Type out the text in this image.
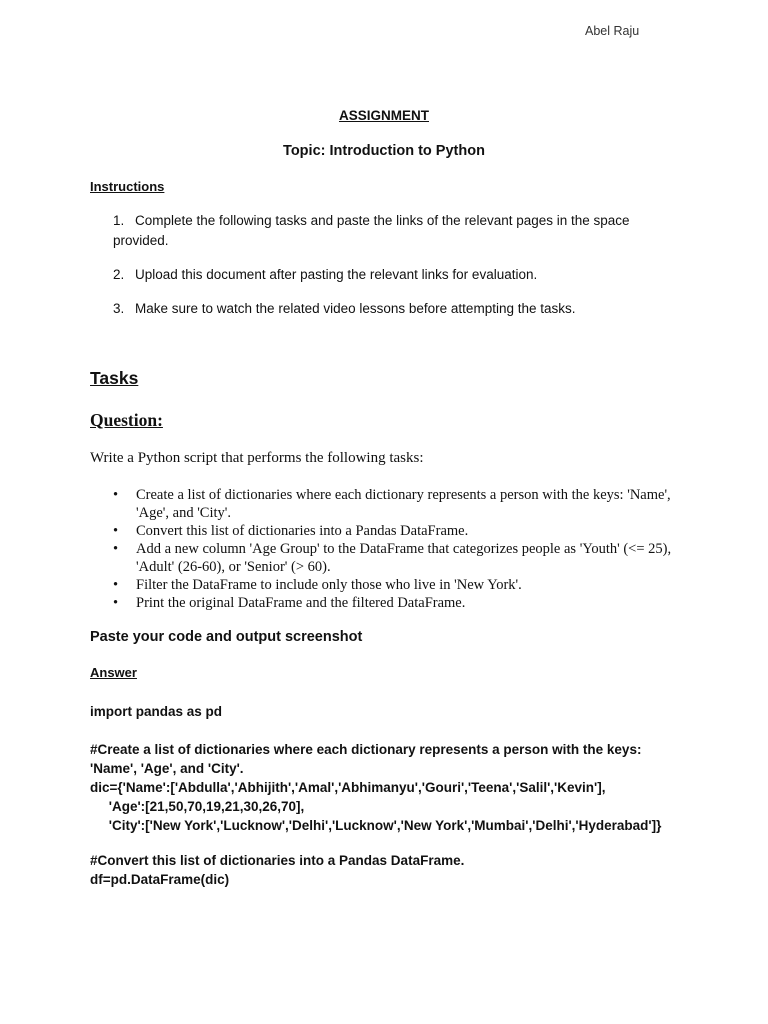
Abel Raju
ASSIGNMENT
Topic: Introduction to Python
Instructions
1. Complete the following tasks and paste the links of the relevant pages in the space provided.
2. Upload this document after pasting the relevant links for evaluation.
3. Make sure to watch the related video lessons before attempting the tasks.
Tasks
Question:
Write a Python script that performs the following tasks:
• Create a list of dictionaries where each dictionary represents a person with the keys: 'Name', 'Age', and 'City'.
• Convert this list of dictionaries into a Pandas DataFrame.
• Add a new column 'Age Group' to the DataFrame that categorizes people as 'Youth' (<= 25), 'Adult' (26-60), or 'Senior' (> 60).
• Filter the DataFrame to include only those who live in 'New York'.
• Print the original DataFrame and the filtered DataFrame.
Paste your code and output screenshot
Answer
import pandas as pd
#Create a list of dictionaries where each dictionary represents a person with the keys:
'Name', 'Age', and 'City'.
dic={'Name':['Abdulla','Abhijith','Amal','Abhimanyu','Gouri','Teena','Salil','Kevin'],
'Age':[21,50,70,19,21,30,26,70],
'City':['New York','Lucknow','Delhi','Lucknow','New York','Mumbai','Delhi','Hyderabad']}
#Convert this list of dictionaries into a Pandas DataFrame.
df=pd.DataFrame(dic)
